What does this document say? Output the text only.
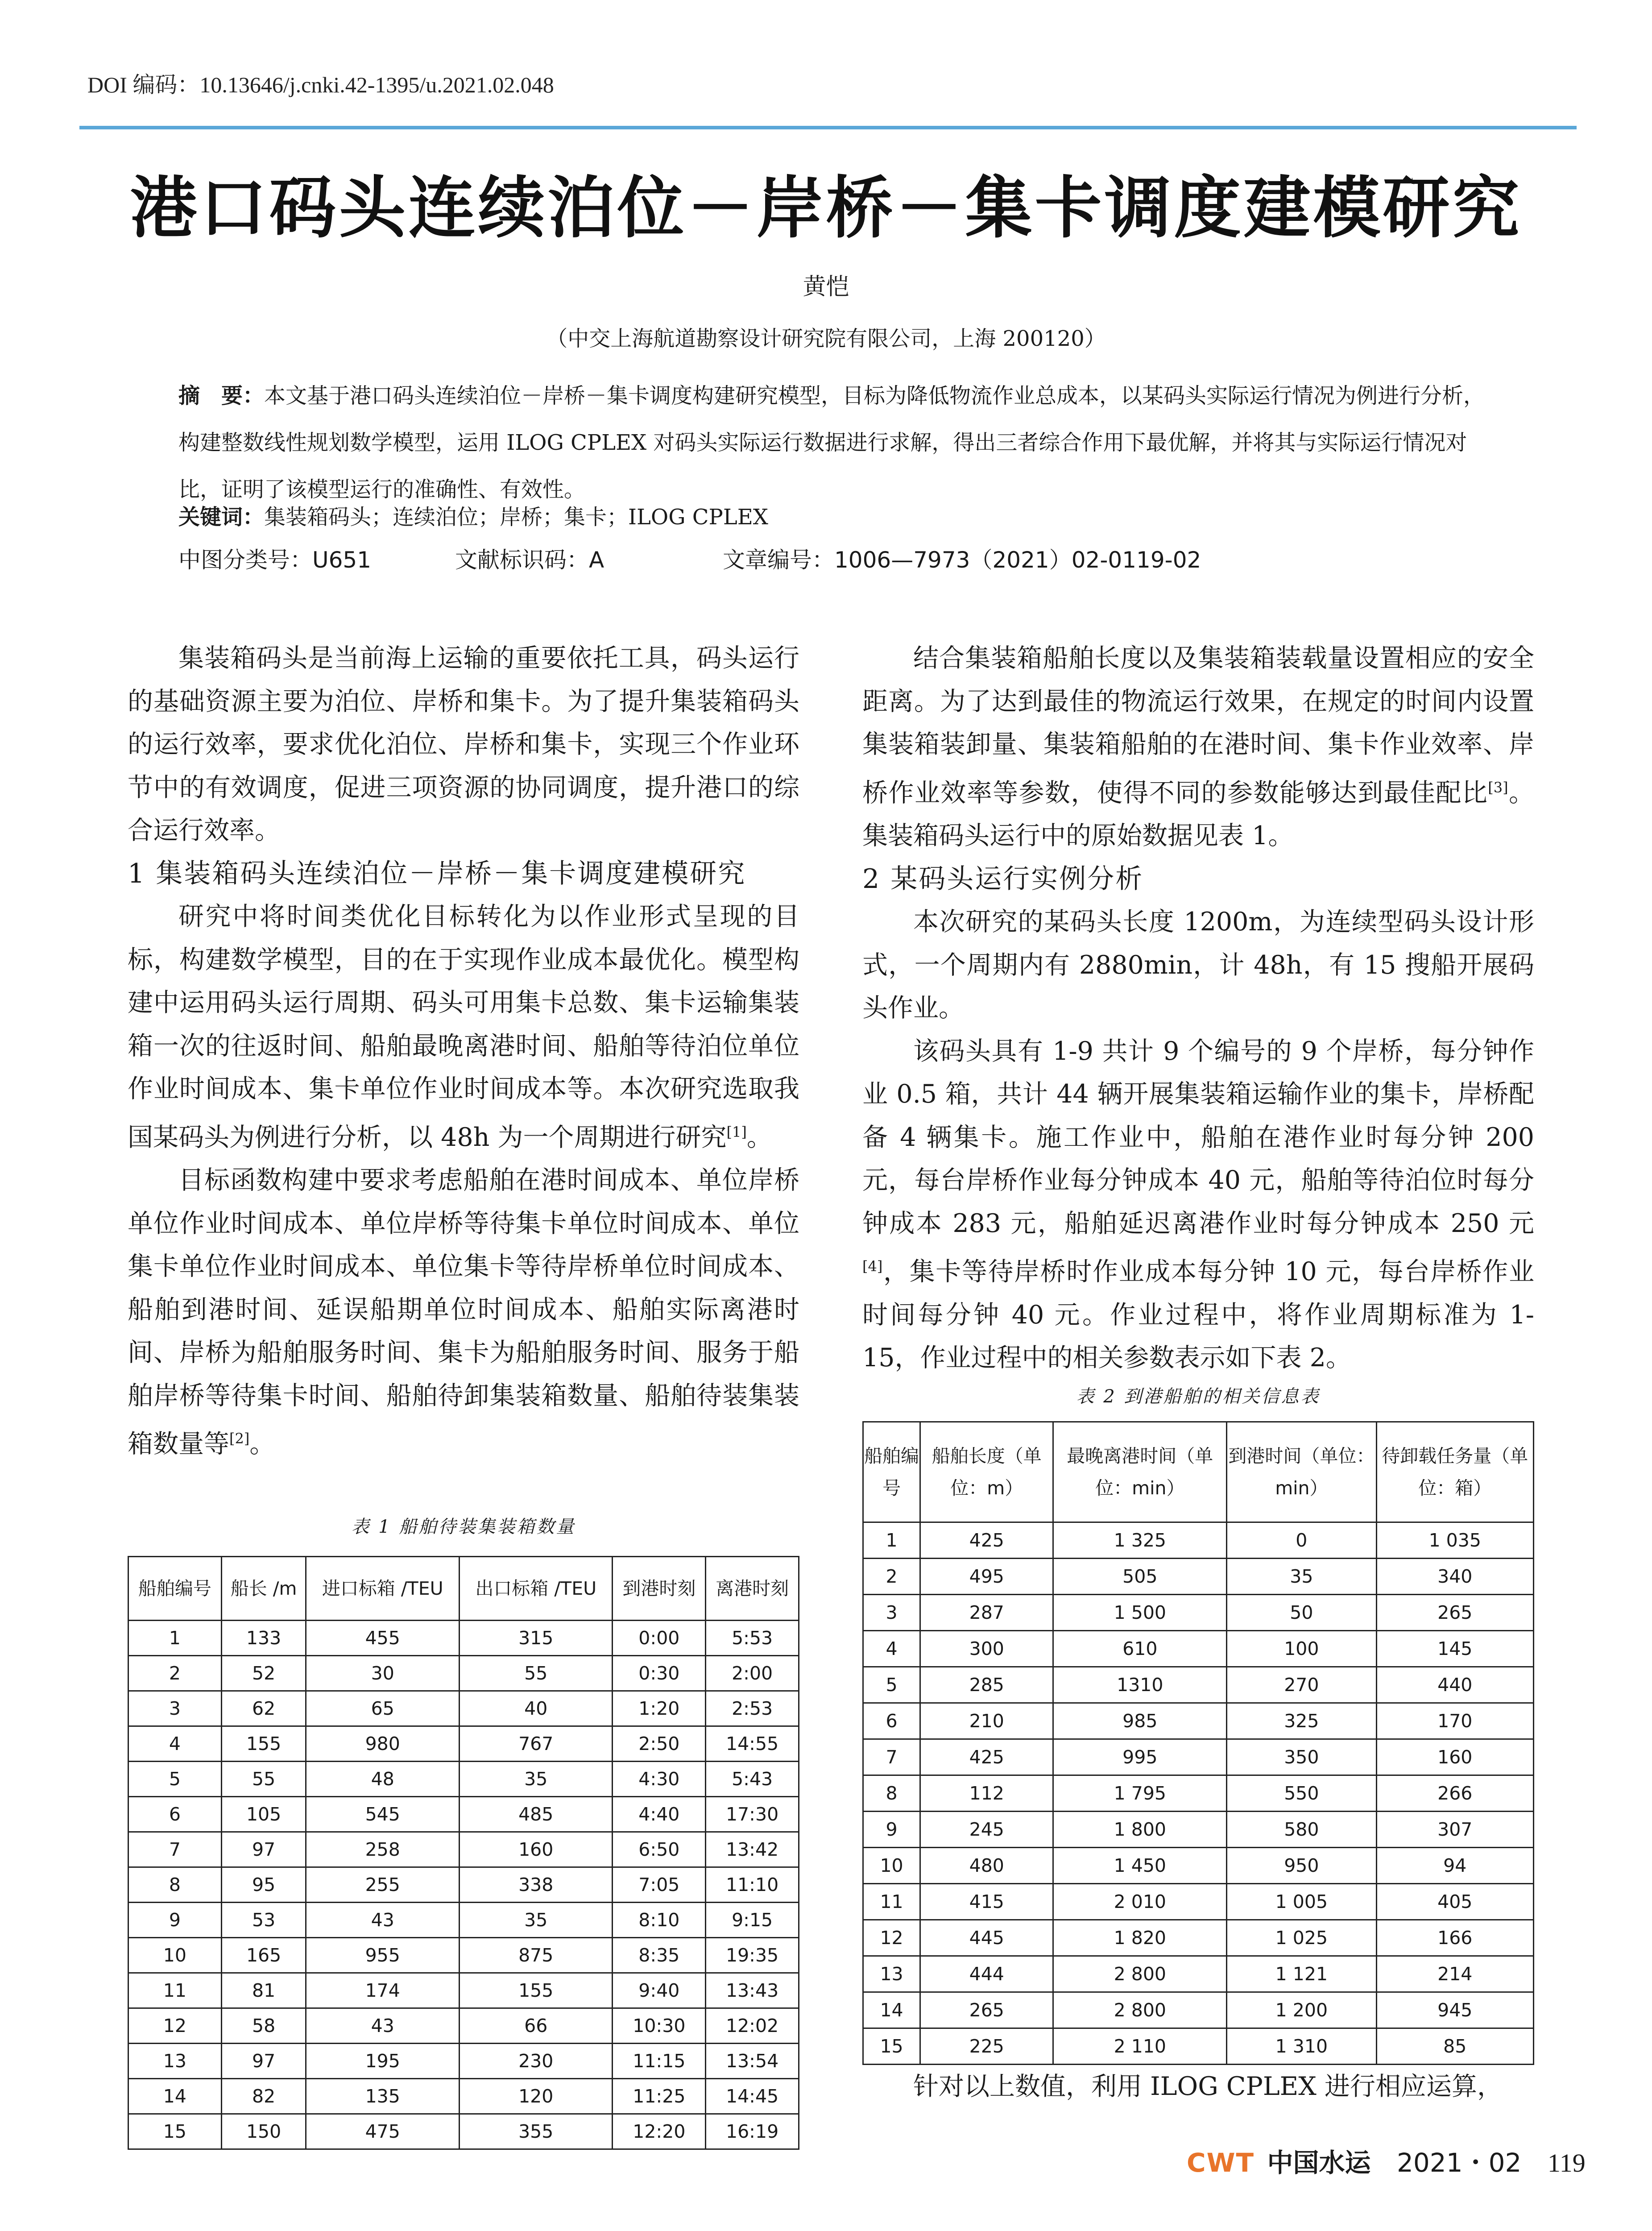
DOI 编码：10.13646/j.cnki.42-1395/u.2021.02.048
港口码头连续泊位－岸桥－集卡调度建模研究
黄恺
（中交上海航道勘察设计研究院有限公司，上海 200120）
摘　要：本文基于港口码头连续泊位－岸桥－集卡调度构建研究模型，目标为降低物流作业总成本，以某码头实际运行情况为例进行分析，构建整数线性规划数学模型，运用 ILOG CPLEX 对码头实际运行数据进行求解，得出三者综合作用下最优解，并将其与实际运行情况对比，证明了该模型运行的准确性、有效性。
关键词：集装箱码头；连续泊位；岸桥；集卡；ILOG CPLEX
中图分类号：U651	文献标识码：A	文章编号：1006—7973（2021）02-0119-02

集装箱码头是当前海上运输的重要依托工具，码头运行的基础资源主要为泊位、岸桥和集卡。为了提升集装箱码头的运行效率，要求优化泊位、岸桥和集卡，实现三个作业环节中的有效调度，促进三项资源的协同调度，提升港口的综合运行效率。

1 集装箱码头连续泊位－岸桥－集卡调度建模研究

研究中将时间类优化目标转化为以作业形式呈现的目标，构建数学模型，目的在于实现作业成本最优化。模型构建中运用码头运行周期、码头可用集卡总数、集卡运输集装箱一次的往返时间、船舶最晚离港时间、船舶等待泊位单位作业时间成本、集卡单位作业时间成本等。本次研究选取我国某码头为例进行分析，以 48h 为一个周期进行研究[1]。

目标函数构建中要求考虑船舶在港时间成本、单位岸桥单位作业时间成本、单位岸桥等待集卡单位时间成本、单位集卡单位作业时间成本、单位集卡等待岸桥单位时间成本、船舶到港时间、延误船期单位时间成本、船舶实际离港时间、岸桥为船舶服务时间、集卡为船舶服务时间、服务于船舶岸桥等待集卡时间、船舶待卸集装箱数量、船舶待装集装箱数量等[2]。

结合集装箱船舶长度以及集装箱装载量设置相应的安全距离。为了达到最佳的物流运行效果，在规定的时间内设置集装箱装卸量、集装箱船舶的在港时间、集卡作业效率、岸桥作业效率等参数，使得不同的参数能够达到最佳配比[3]。集装箱码头运行中的原始数据见表 1。

2 某码头运行实例分析

本次研究的某码头长度 1200m，为连续型码头设计形式，一个周期内有 2880min，计 48h，有 15 搜船开展码头作业。

该码头具有 1-9 共计 9 个编号的 9 个岸桥，每分钟作业 0.5 箱，共计 44 辆开展集装箱运输作业的集卡，岸桥配备 4 辆集卡。施工作业中，船舶在港作业时每分钟 200 元，每台岸桥作业每分钟成本 40 元，船舶等待泊位时每分钟成本 283 元，船舶延迟离港作业时每分钟成本 250 元[4]，集卡等待岸桥时作业成本每分钟 10 元，每台岸桥作业时间每分钟 40 元。作业过程中，将作业周期标准为 1-15，作业过程中的相关参数表示如下表 2。

表 1 船舶待装集装箱数量
船舶编号	船长 /m	进口标箱 /TEU	出口标箱 /TEU	到港时刻	离港时刻
1	133	455	315	0:00	5:53
2	52	30	55	0:30	2:00
3	62	65	40	1:20	2:53
4	155	980	767	2:50	14:55
5	55	48	35	4:30	5:43
6	105	545	485	4:40	17:30
7	97	258	160	6:50	13:42
8	95	255	338	7:05	11:10
9	53	43	35	8:10	9:15
10	165	955	875	8:35	19:35
11	81	174	155	9:40	13:43
12	58	43	66	10:30	12:02
13	97	195	230	11:15	13:54
14	82	135	120	11:25	14:45
15	150	475	355	12:20	16:19
表 2 到港船舶的相关信息表
船舶编号	船舶长度（单位：m）	最晚离港时间（单位：min）	到港时间（单位：min）	待卸载任务量（单位：箱）
1	425	1 325	0	1 035
2	495	505	35	340
3	287	1 500	50	265
4	300	610	100	145
5	285	1310	270	440
6	210	985	325	170
7	425	995	350	160
8	112	1 795	550	266
9	245	1 800	580	307
10	480	1 450	950	94
11	415	2 010	1 005	405
12	445	1 820	1 025	166
13	444	2 800	1 121	214
14	265	2 800	1 200	945
15	225	2 110	1 310	85
针对以上数值，利用 ILOG CPLEX 进行相应运算，
CWT 中国水运 2021・02 119
